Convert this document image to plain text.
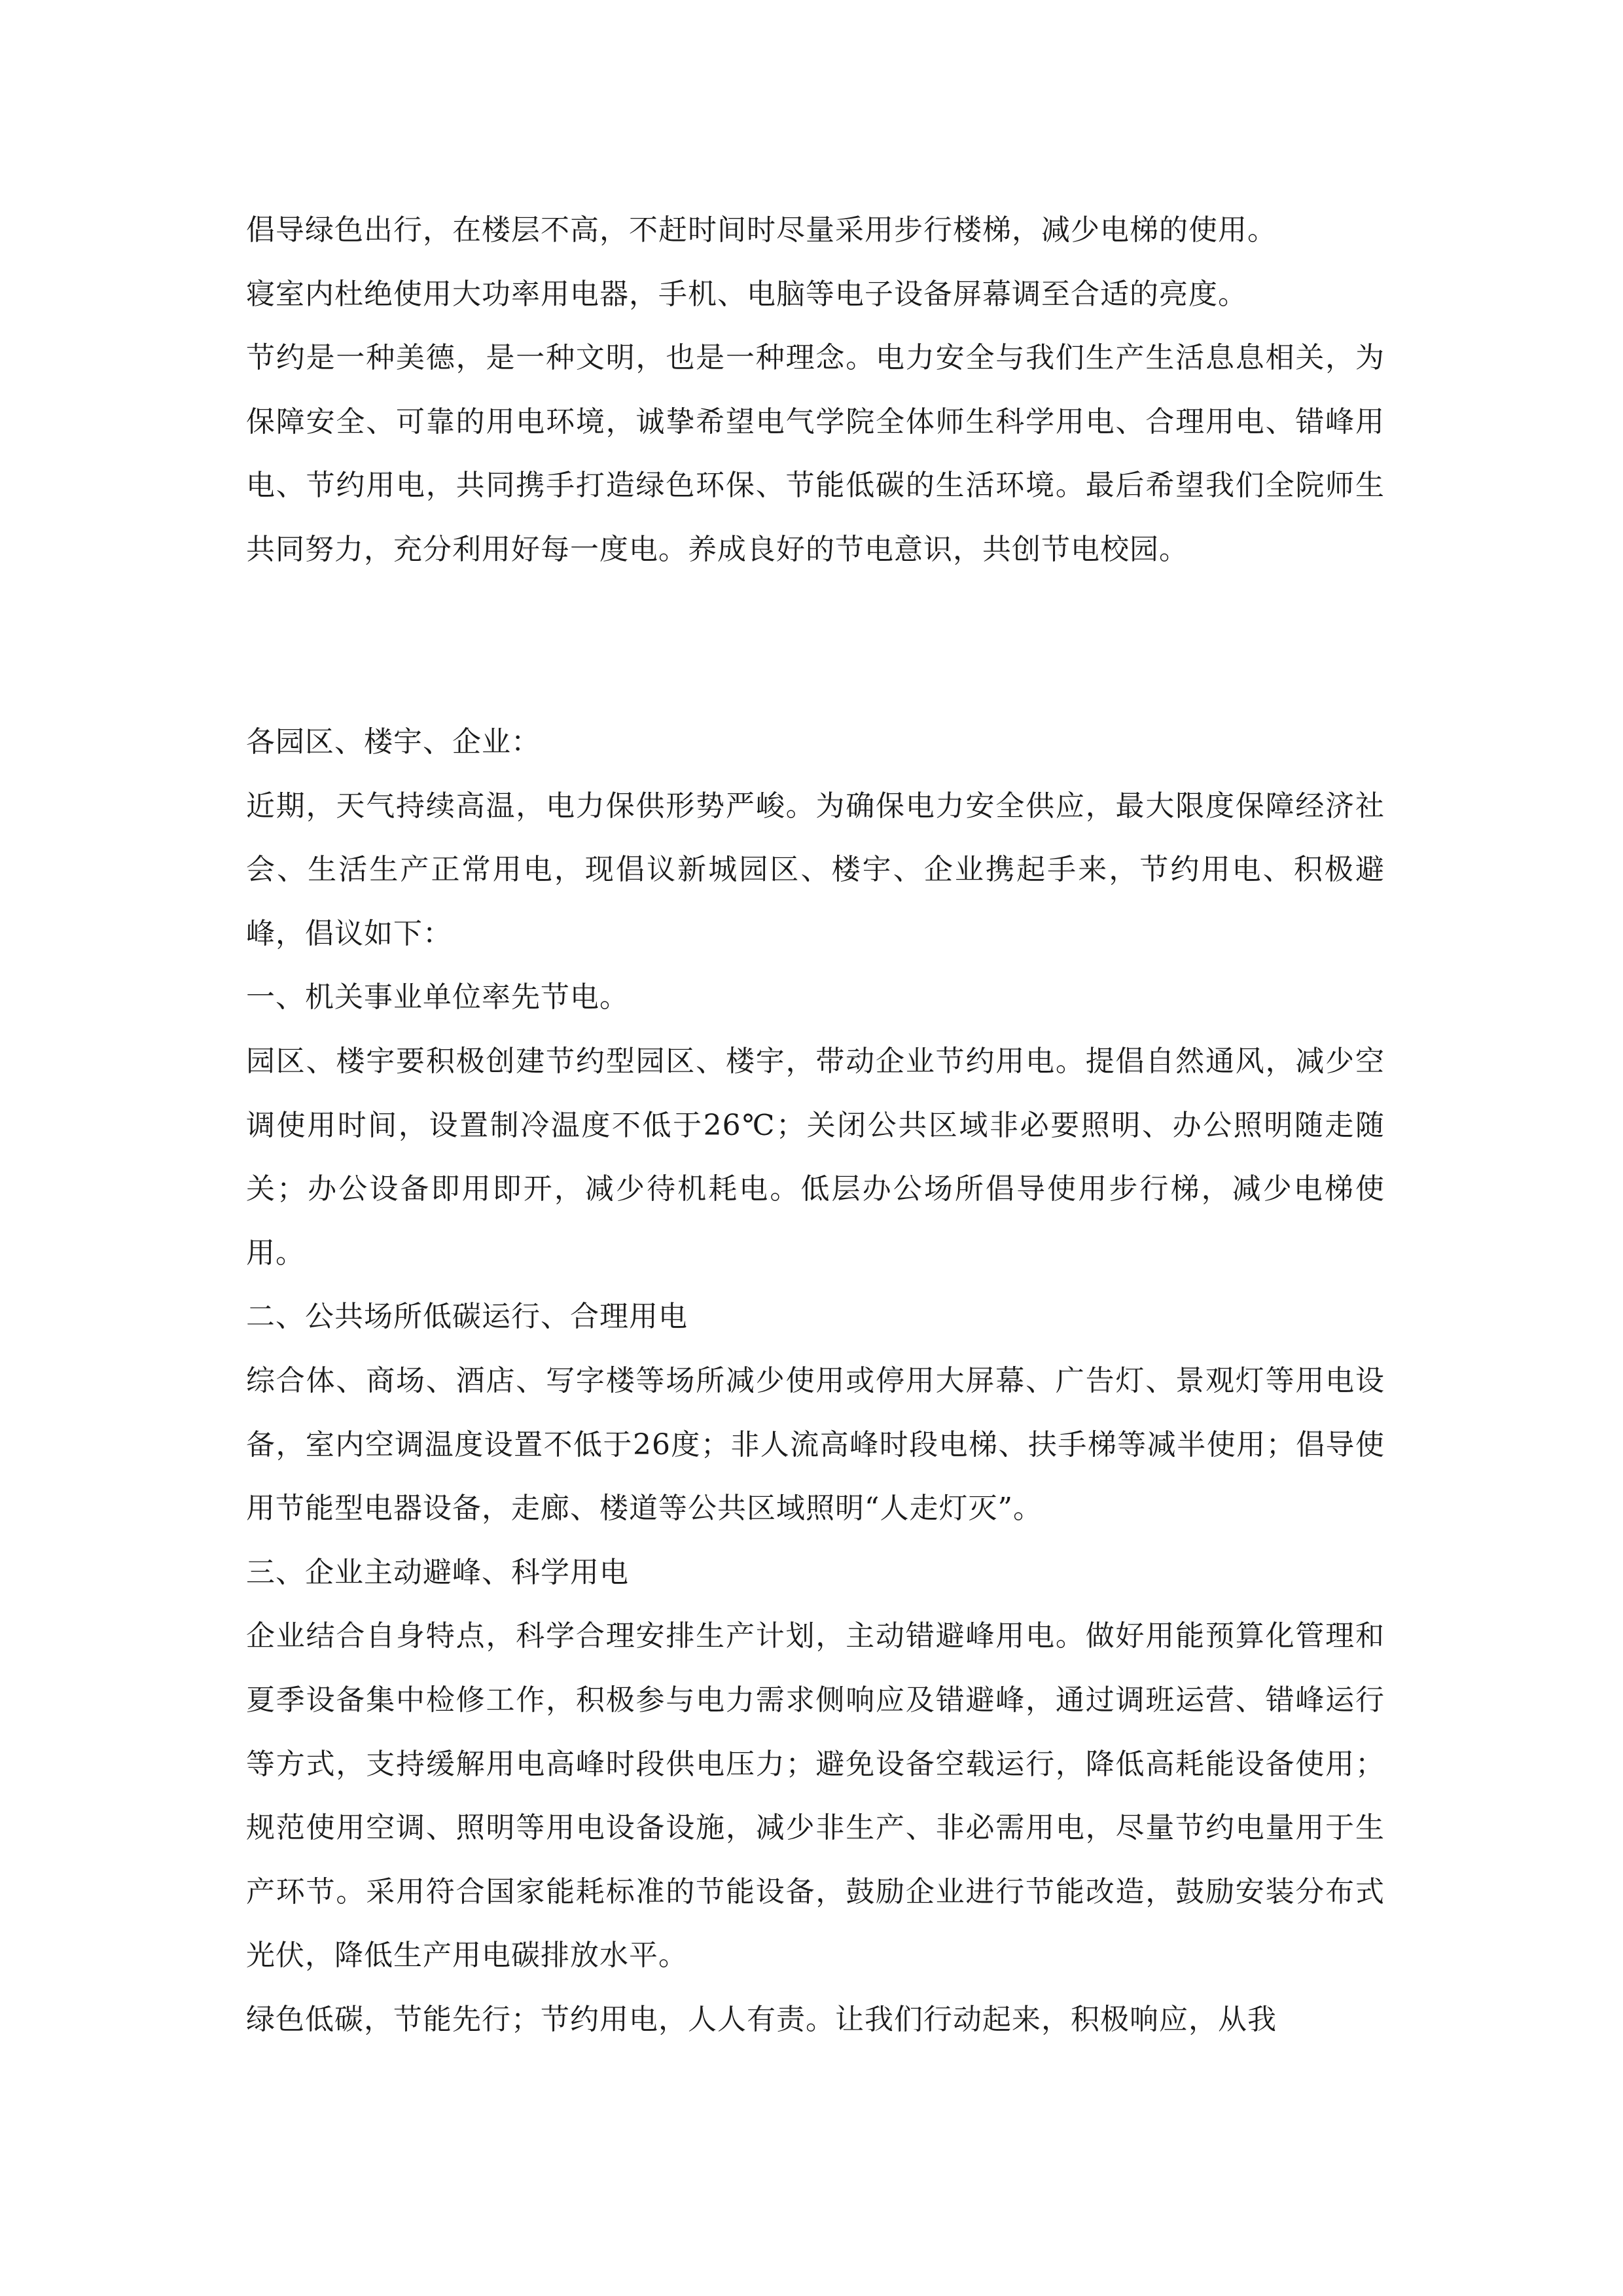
倡导绿色出行，在楼层不高，不赶时间时尽量采用步行楼梯，减少电梯的使用。

寝室内杜绝使用大功率用电器，手机、电脑等电子设备屏幕调至合适的亮度。

节约是一种美德，是一种文明，也是一种理念。电力安全与我们生产生活息息相关，为保障安全、可靠的用电环境，诚挚希望电气学院全体师生科学用电、合理用电、错峰用电、节约用电，共同携手打造绿色环保、节能低碳的生活环境。最后希望我们全院师生共同努力，充分利用好每一度电。养成良好的节电意识，共创节电校园。

各园区、楼宇、企业：

近期，天气持续高温，电力保供形势严峻。为确保电力安全供应，最大限度保障经济社会、生活生产正常用电，现倡议新城园区、楼宇、企业携起手来，节约用电、积极避峰，倡议如下：

一、机关事业单位率先节电。

园区、楼宇要积极创建节约型园区、楼宇，带动企业节约用电。提倡自然通风，减少空调使用时间，设置制冷温度不低于26℃；关闭公共区域非必要照明、办公照明随走随关；办公设备即用即开，减少待机耗电。低层办公场所倡导使用步行梯，减少电梯使用。

二、公共场所低碳运行、合理用电

综合体、商场、酒店、写字楼等场所减少使用或停用大屏幕、广告灯、景观灯等用电设备，室内空调温度设置不低于26度；非人流高峰时段电梯、扶手梯等减半使用；倡导使用节能型电器设备，走廊、楼道等公共区域照明“人走灯灭”。

三、企业主动避峰、科学用电

企业结合自身特点，科学合理安排生产计划，主动错避峰用电。做好用能预算化管理和夏季设备集中检修工作，积极参与电力需求侧响应及错避峰，通过调班运营、错峰运行等方式，支持缓解用电高峰时段供电压力；避免设备空载运行，降低高耗能设备使用；规范使用空调、照明等用电设备设施，减少非生产、非必需用电，尽量节约电量用于生产环节。采用符合国家能耗标准的节能设备，鼓励企业进行节能改造，鼓励安装分布式光伏，降低生产用电碳排放水平。

绿色低碳，节能先行；节约用电，人人有责。让我们行动起来，积极响应，从我
